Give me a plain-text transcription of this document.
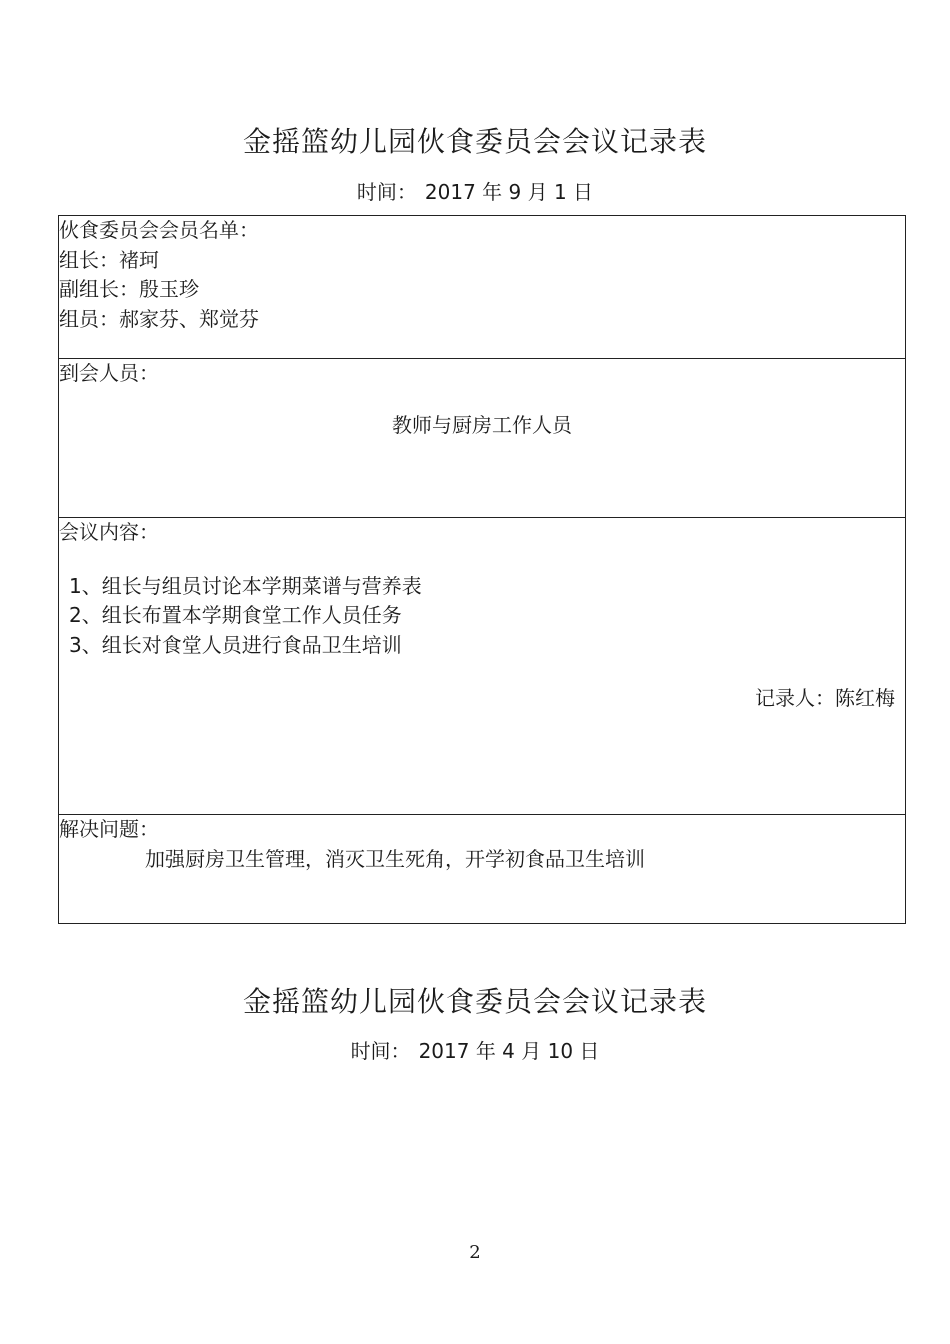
金摇篮幼儿园伙食委员会会议记录表
时间： 2017 年 9 月 1 日
伙食委员会会员名单：
组长：褚珂
副组长：殷玉珍
组员：郝家芬、郑觉芬

到会人员：
教师与厨房工作人员

会议内容：
1、组长与组员讨论本学期菜谱与营养表
2、组长布置本学期食堂工作人员任务
3、组长对食堂人员进行食品卫生培训
记录人：陈红梅

解决问题：
加强厨房卫生管理，消灭卫生死角，开学初食品卫生培训
金摇篮幼儿园伙食委员会会议记录表
时间： 2017 年 4 月 10 日
2
